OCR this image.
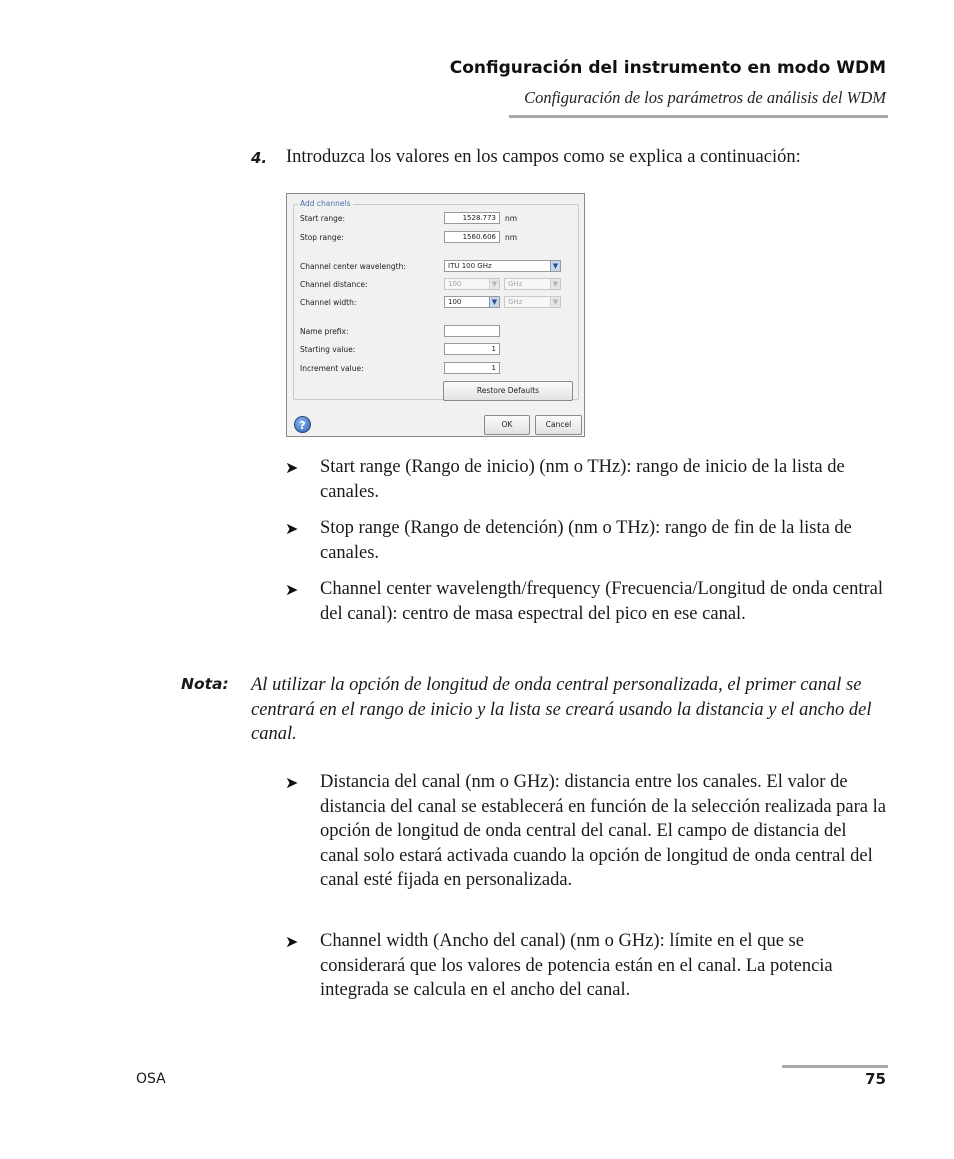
Configuración del instrumento en modo WDM
Configuración de los parámetros de análisis del WDM
4. Introduzca los valores en los campos como se explica a continuación:
Add channels
Start range:	1528.773	nm
Stop range:	1560.606	nm
Channel center wavelength:	ITU 100 GHz	▼
Channel distance:	100	▼	GHz	▼
Channel width:	100	▼	GHz	▼
Name prefix:
Starting value:	1
Increment value:	1
Restore Defaults
?	OK	Cancel
➤ Start range (Rango de inicio) (nm o THz): rango de inicio de la lista de canales.
➤ Stop range (Rango de detención) (nm o THz): rango de fin de la lista de canales.
➤ Channel center wavelength/frequency (Frecuencia/Longitud de onda central del canal): centro de masa espectral del pico en ese canal.
Nota: Al utilizar la opción de longitud de onda central personalizada, el primer canal se centrará en el rango de inicio y la lista se creará usando la distancia y el ancho del canal.
➤ Distancia del canal (nm o GHz): distancia entre los canales. El valor de distancia del canal se establecerá en función de la selección realizada para la opción de longitud de onda central del canal. El campo de distancia del canal solo estará activada cuando la opción de longitud de onda central del canal esté fijada en personalizada.
➤ Channel width (Ancho del canal) (nm o GHz): límite en el que se considerará que los valores de potencia están en el canal. La potencia integrada se calcula en el ancho del canal.
OSA	75
